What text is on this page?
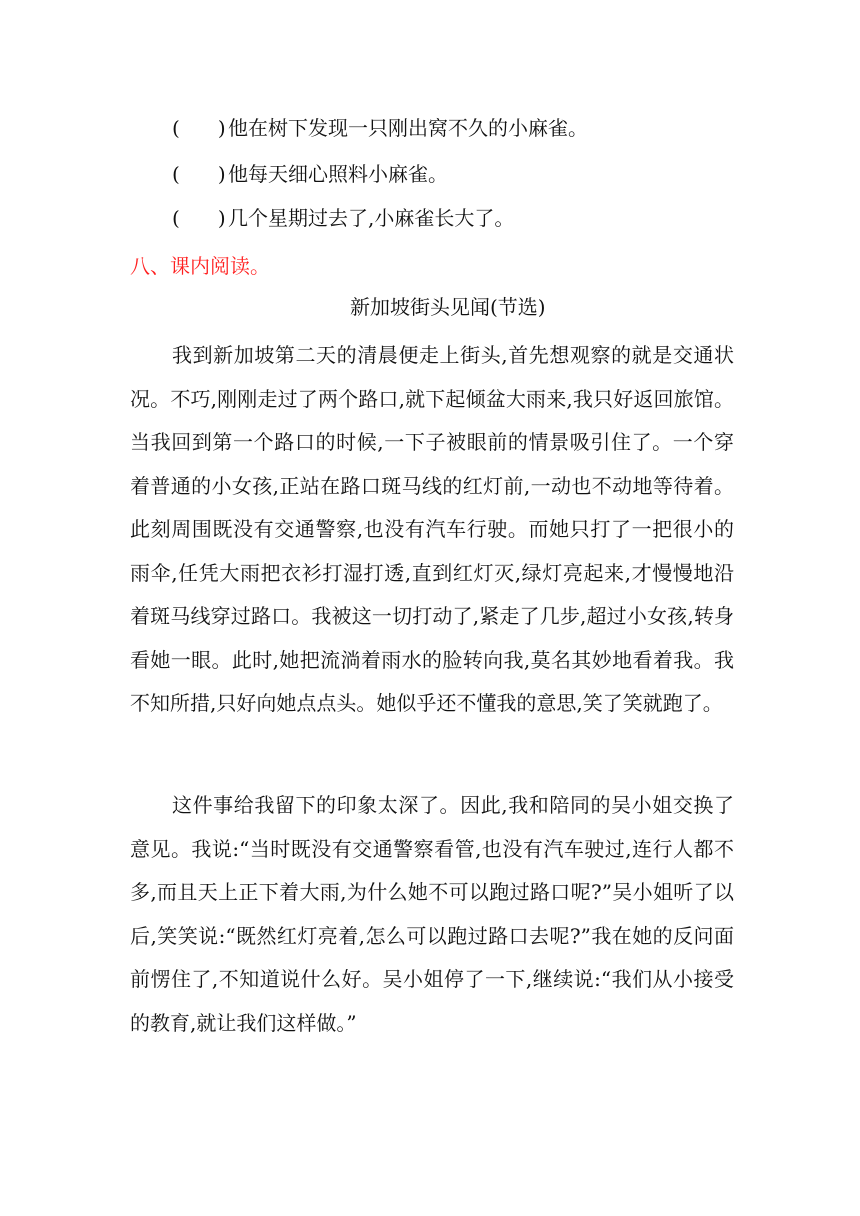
( ) 他在树下发现一只刚出窝不久的小麻雀。
( ) 他每天细心照料小麻雀。
( ) 几个星期过去了,小麻雀长大了。
八、课内阅读。
新加坡街头见闻(节选)

我到新加坡第二天的清晨便走上街头,首先想观察的就是交通状况。不巧,刚刚走过了两个路口,就下起倾盆大雨来,我只好返回旅馆。当我回到第一个路口的时候,一下子被眼前的情景吸引住了。一个穿着普通的小女孩,正站在路口斑马线的红灯前,一动也不动地等待着。此刻周围既没有交通警察,也没有汽车行驶。而她只打了一把很小的雨伞,任凭大雨把衣衫打湿打透,直到红灯灭,绿灯亮起来,才慢慢地沿着斑马线穿过路口。我被这一切打动了,紧走了几步,超过小女孩,转身看她一眼。此时,她把流淌着雨水的脸转向我,莫名其妙地看着我。我不知所措,只好向她点点头。她似乎还不懂我的意思,笑了笑就跑了。

这件事给我留下的印象太深了。因此,我和陪同的吴小姐交换了意见。我说:“当时既没有交通警察看管,也没有汽车驶过,连行人都不多,而且天上正下着大雨,为什么她不可以跑过路口呢?”吴小姐听了以后,笑笑说:“既然红灯亮着,怎么可以跑过路口去呢?”我在她的反问面前愣住了,不知道说什么好。吴小姐停了一下,继续说:“我们从小接受的教育,就让我们这样做。”
